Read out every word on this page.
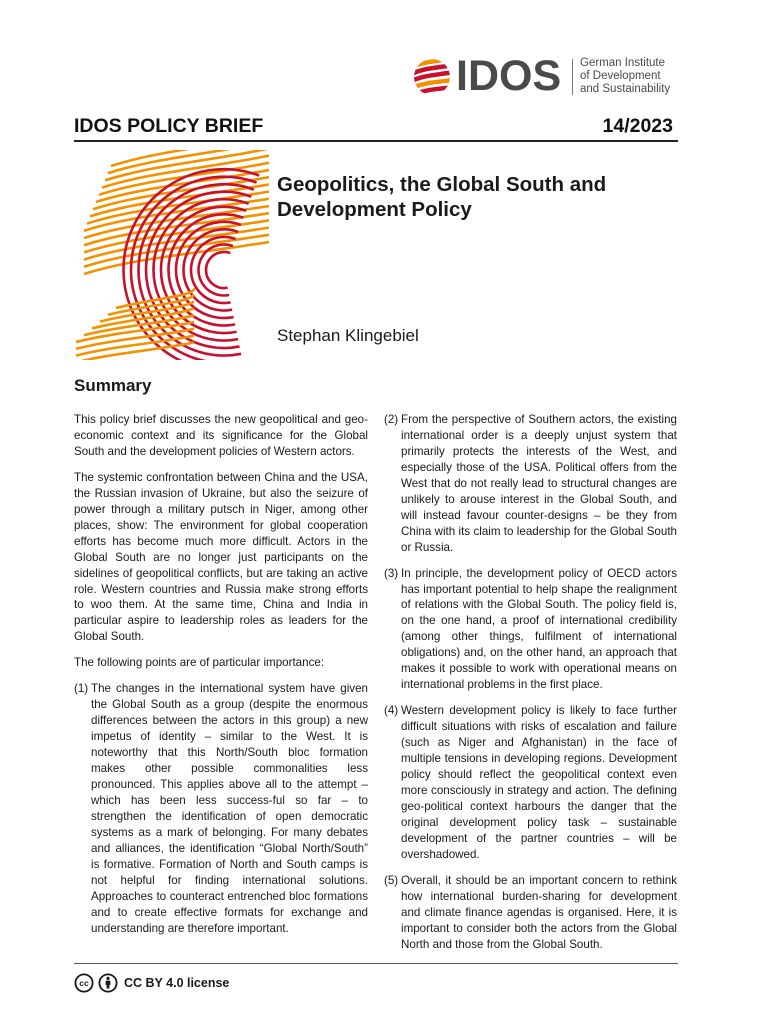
IDOS German Institute
of Development
and Sustainability
IDOS POLICY BRIEF	14/2023
Geopolitics, the Global South and Development Policy
Stephan Klingebiel
Summary

This policy brief discusses the new geopolitical and geo-economic context and its significance for the Global South and the development policies of Western actors.

The systemic confrontation between China and the USA, the Russian invasion of Ukraine, but also the seizure of power through a military putsch in Niger, among other places, show: The environment for global cooperation efforts has become much more difficult. Actors in the Global South are no longer just participants on the sidelines of geopolitical conflicts, but are taking an active role. Western countries and Russia make strong efforts to woo them. At the same time, China and India in particular aspire to leadership roles as leaders for the Global South.

The following points are of particular importance:

(1) The changes in the international system have given the Global South as a group (despite the enormous differences between the actors in this group) a new impetus of identity – similar to the West. It is noteworthy that this North/South bloc formation makes other possible commonalities less pronounced. This applies above all to the attempt – which has been less success-ful so far – to strengthen the identification of open democratic systems as a mark of belonging. For many debates and alliances, the identification “Global North/South” is formative. Formation of North and South camps is not helpful for finding international solutions. Approaches to counteract entrenched bloc formations and to create effective formats for exchange and understanding are therefore important.
(2) From the perspective of Southern actors, the existing international order is a deeply unjust system that primarily protects the interests of the West, and especially those of the USA. Political offers from the West that do not really lead to structural changes are unlikely to arouse interest in the Global South, and will instead favour counter-designs – be they from China with its claim to leadership for the Global South or Russia.
(3) In principle, the development policy of OECD actors has important potential to help shape the realignment of relations with the Global South. The policy field is, on the one hand, a proof of international credibility (among other things, fulfilment of international obligations) and, on the other hand, an approach that makes it possible to work with operational means on international problems in the first place.
(4) Western development policy is likely to face further difficult situations with risks of escalation and failure (such as Niger and Afghanistan) in the face of multiple tensions in developing regions. Development policy should reflect the geopolitical context even more consciously in strategy and action. The defining geo-political context harbours the danger that the original development policy task – sustainable development of the partner countries – will be overshadowed.
(5) Overall, it should be an important concern to rethink how international burden-sharing for development and climate finance agendas is organised. Here, it is important to consider both the actors from the Global North and those from the Global South.
cc	CC BY 4.0 license
